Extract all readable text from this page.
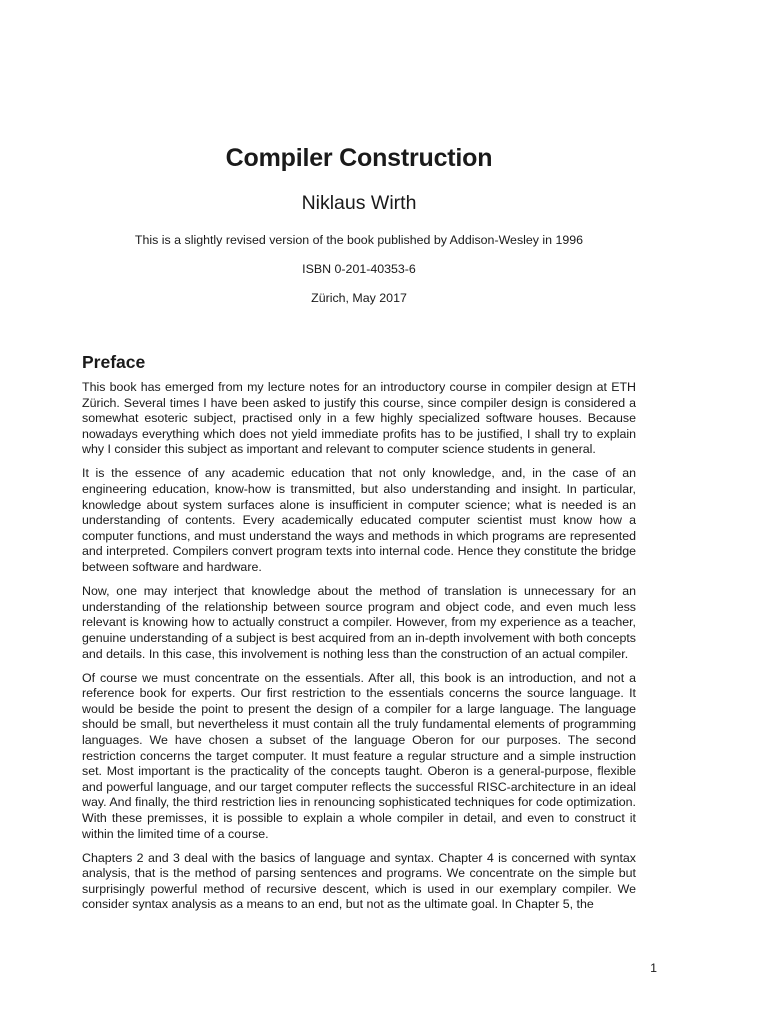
Compiler Construction
Niklaus Wirth
This is a slightly revised version of the book published by Addison-Wesley in 1996
ISBN 0-201-40353-6
Zürich, May 2017
Preface

This book has emerged from my lecture notes for an introductory course in compiler design at ETH Zürich. Several times I have been asked to justify this course, since compiler design is considered a somewhat esoteric subject, practised only in a few highly specialized software houses. Because nowadays everything which does not yield immediate profits has to be justified, I shall try to explain why I consider this subject as important and relevant to computer science students in general.

It is the essence of any academic education that not only knowledge, and, in the case of an engineering education, know-how is transmitted, but also understanding and insight. In particular, knowledge about system surfaces alone is insufficient in computer science; what is needed is an understanding of contents. Every academically educated computer scientist must know how a computer functions, and must understand the ways and methods in which programs are represented and interpreted. Compilers convert program texts into internal code. Hence they constitute the bridge between software and hardware.

Now, one may interject that knowledge about the method of translation is unnecessary for an understanding of the relationship between source program and object code, and even much less relevant is knowing how to actually construct a compiler. However, from my experience as a teacher, genuine understanding of a subject is best acquired from an in-depth involvement with both concepts and details. In this case, this involvement is nothing less than the construction of an actual compiler.

Of course we must concentrate on the essentials. After all, this book is an introduction, and not a reference book for experts. Our first restriction to the essentials concerns the source language. It would be beside the point to present the design of a compiler for a large language. The language should be small, but nevertheless it must contain all the truly fundamental elements of programming languages. We have chosen a subset of the language Oberon for our purposes. The second restriction concerns the target computer. It must feature a regular structure and a simple instruction set. Most important is the practicality of the concepts taught. Oberon is a general-purpose, flexible and powerful language, and our target computer reflects the successful RISC-architecture in an ideal way. And finally, the third restriction lies in renouncing sophisticated techniques for code optimization. With these premisses, it is possible to explain a whole compiler in detail, and even to construct it within the limited time of a course.

Chapters 2 and 3 deal with the basics of language and syntax. Chapter 4 is concerned with syntax analysis, that is the method of parsing sentences and programs. We concentrate on the simple but surprisingly powerful method of recursive descent, which is used in our exemplary compiler. We consider syntax analysis as a means to an end, but not as the ultimate goal. In Chapter 5, the

1
